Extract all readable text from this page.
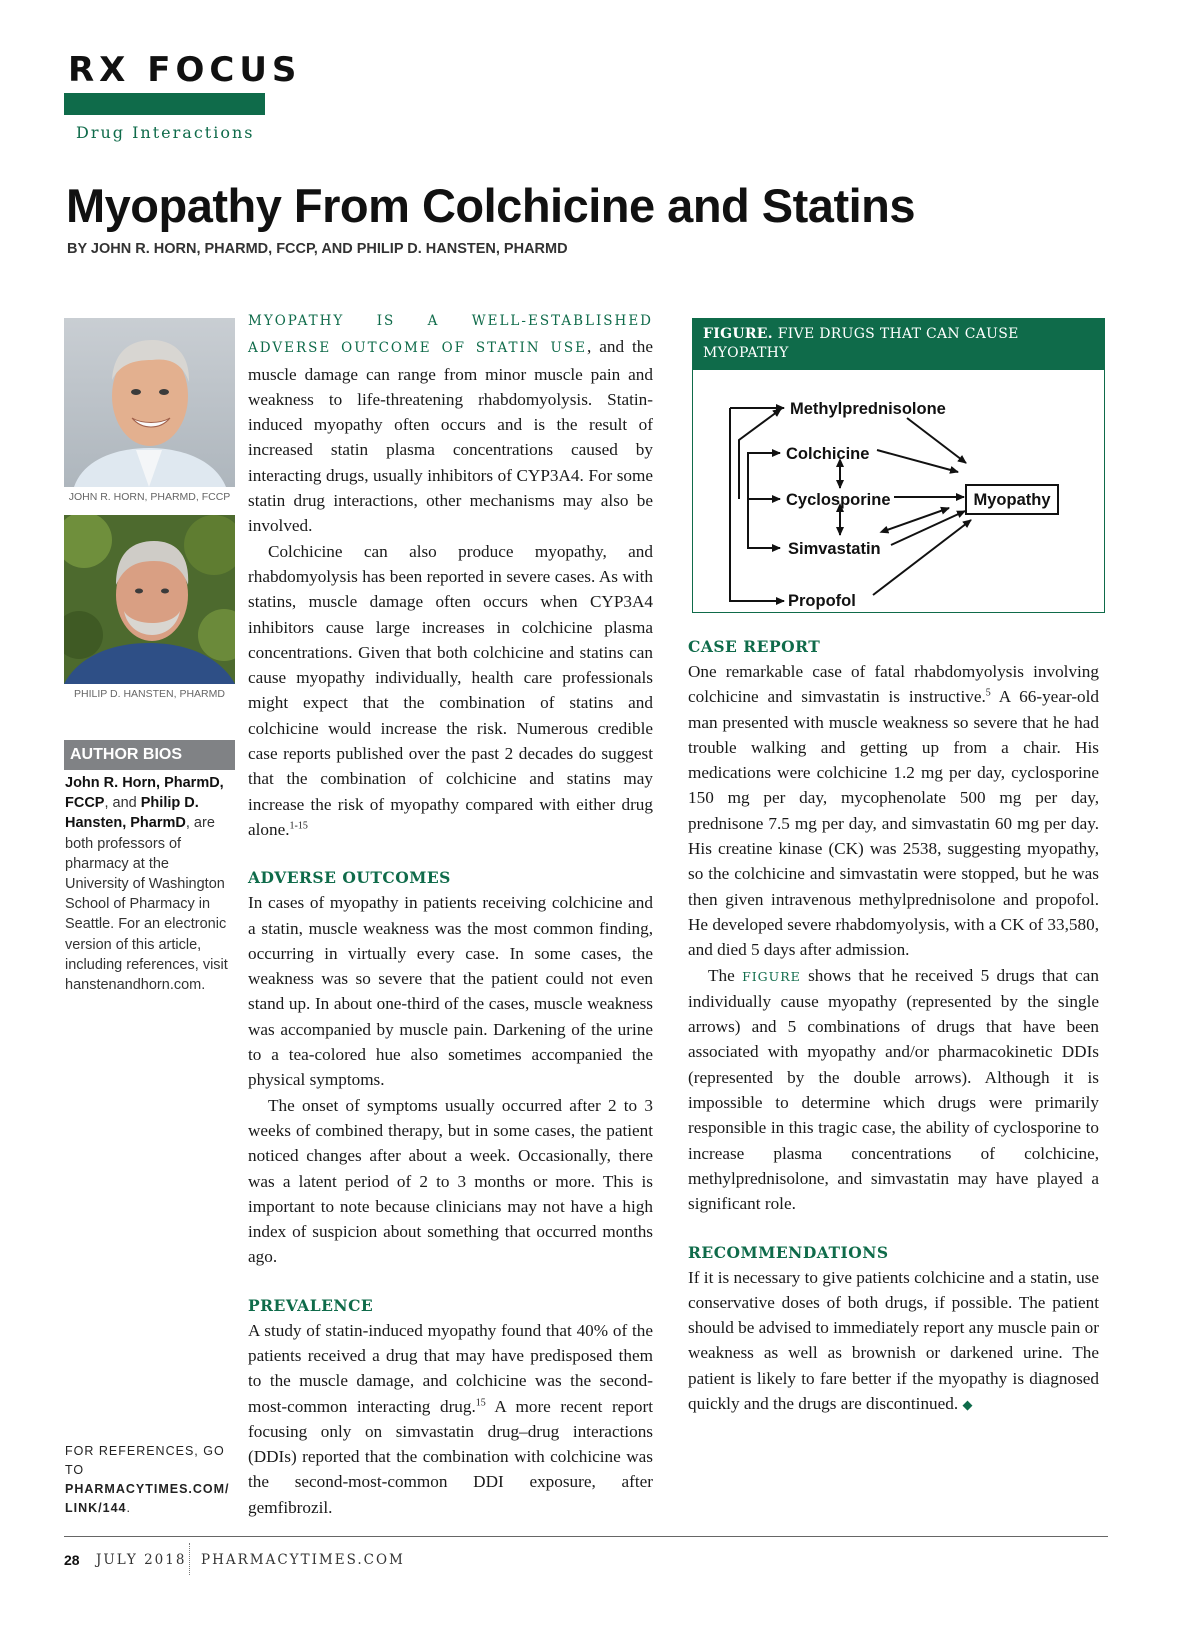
RX FOCUS
Drug Interactions
Myopathy From Colchicine and Statins
BY JOHN R. HORN, PHARMD, FCCP, AND PHILIP D. HANSTEN, PHARMD
JOHN R. HORN, PHARMD, FCCP
PHILIP D. HANSTEN, PHARMD
AUTHOR BIOS
John R. Horn, PharmD, FCCP, and Philip D. Hansten, PharmD, are both professors of pharmacy at the University of Washington School of Pharmacy in Seattle. For an electronic version of this article, including references, visit hanstenandhorn.com.
FOR REFERENCES, GO TO
PHARMACYTIMES.COM/ LINK/144.

MYOPATHY IS A WELL-ESTABLISHED ADVERSE OUTCOME OF STATIN USE, and the muscle damage can range from minor muscle pain and weakness to life-threatening rhabdomyolysis. Statin-induced myopathy often occurs and is the result of increased statin plasma concentrations caused by interacting drugs, usually inhibitors of CYP3A4. For some statin drug interactions, other mechanisms may also be involved.

Colchicine can also produce myopathy, and rhabdomyolysis has been reported in severe cases. As with statins, muscle damage often occurs when CYP3A4 inhibitors cause large increases in colchicine plasma concentrations. Given that both colchicine and statins can cause myopathy individually, health care professionals might expect that the combination of statins and colchicine would increase the risk. Numerous credible case reports published over the past 2 decades do suggest that the combination of colchicine and statins may increase the risk of myopathy compared with either drug alone.$^{1-15}$

ADVERSE OUTCOMES

In cases of myopathy in patients receiving colchicine and a statin, muscle weakness was the most common finding, occurring in virtually every case. In some cases, the weakness was so severe that the patient could not even stand up. In about one-third of the cases, muscle weakness was accompanied by muscle pain. Darkening of the urine to a tea-colored hue also sometimes accompanied the physical symptoms.

The onset of symptoms usually occurred after 2 to 3 weeks of combined therapy, but in some cases, the patient noticed changes after about a week. Occasionally, there was a latent period of 2 to 3 months or more. This is important to note because clinicians may not have a high index of suspicion about something that occurred months ago.

PREVALENCE

A study of statin-induced myopathy found that 40% of the patients received a drug that may have predisposed them to the muscle damage, and colchicine was the second-most-common interacting drug.$^{15}$ A more recent report focusing only on simvastatin drug–drug interactions (DDIs) reported that the combination with colchicine was the second-most-common DDI exposure, after gemfibrozil.

FIGURE. FIVE DRUGS THAT CAN CAUSE MYOPATHY
Methylprednisolone
Colchicine
Cyclosporine
Simvastatin
Propofol
Myopathy
CASE REPORT

One remarkable case of fatal rhabdomyolysis involving colchicine and simvastatin is instructive.$^5$ A 66-year-old man presented with muscle weakness so severe that he had trouble walking and getting up from a chair. His medications were colchicine 1.2 mg per day, cyclosporine 150 mg per day, mycophenolate 500 mg per day, prednisone 7.5 mg per day, and simvastatin 60 mg per day. His creatine kinase (CK) was 2538, suggesting myopathy, so the colchicine and simvastatin were stopped, but he was then given intravenous methylprednisolone and propofol. He developed severe rhabdomyolysis, with a CK of 33,580, and died 5 days after admission.

The FIGURE shows that he received 5 drugs that can individually cause myopathy (represented by the single arrows) and 5 combinations of drugs that have been associated with myopathy and/or pharmacokinetic DDIs (represented by the double arrows). Although it is impossible to determine which drugs were primarily responsible in this tragic case, the ability of cyclosporine to increase plasma concentrations of colchicine, methylprednisolone, and simvastatin may have played a significant role.

RECOMMENDATIONS

If it is necessary to give patients colchicine and a statin, use conservative doses of both drugs, if possible. The patient should be advised to immediately report any muscle pain or weakness as well as brownish or darkened urine. The patient is likely to fare better if the myopathy is diagnosed quickly and the drugs are discontinued. ◆

28 JULY 2018 PHARMACYTIMES.COM
